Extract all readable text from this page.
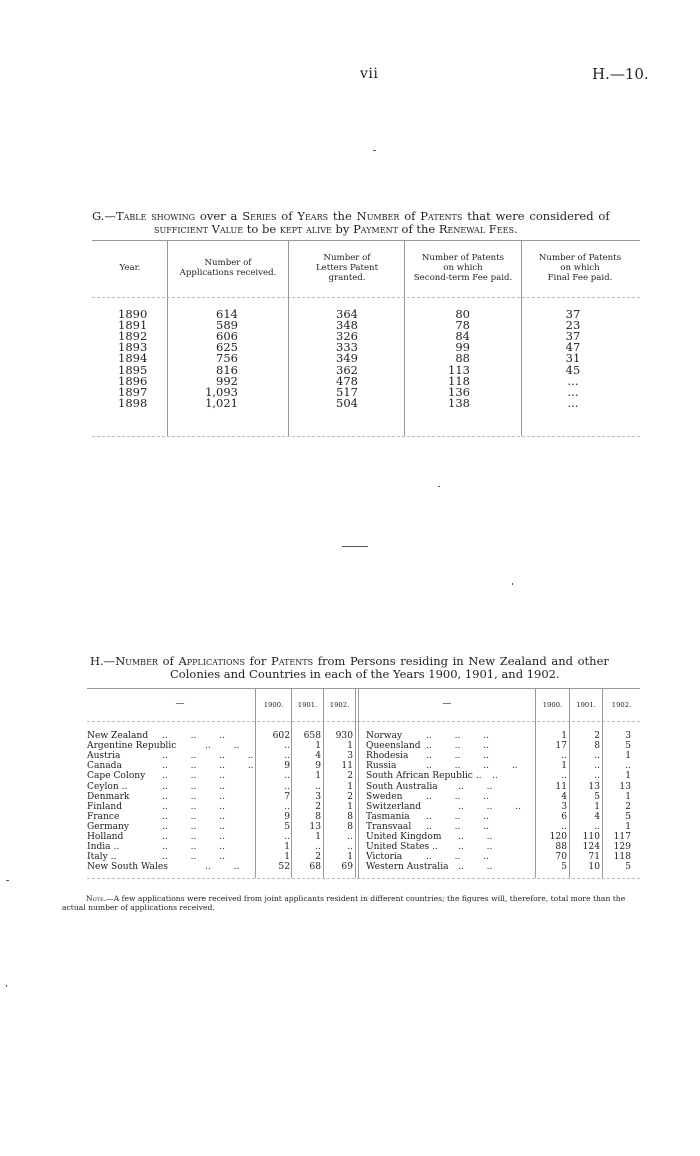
vii	H.—10.
G.—Table showing over a Series of Years the Number of Patents that were considered of
sufficient Value to be kept alive by Payment of the Renewal Fees.
Year.	Number of
Applications received.
Number of
Letters Patent
granted.
Number of Patents
on which
Second-term Fee paid.
Number of Patents
on which
Final Fee paid.
1890	614	364	80	37
1891	589	348	78	23
1892	606	326	84	37
1893	625	333	99	47
1894	756	349	88	31
1895	816	362	113	45
1896	992	478	118	...
1897	1,093	517	136	...
1898	1,021	504	138	...
H.—Number of Applications for Patents from Persons residing in New Zealand and other
Colonies and Countries in each of the Years 1900, 1901, and 1902.
—	1900.	1901.	1902.	—	1900.	1901.	1902.
New Zealand ..        ..        ..	602	658	930
Argentine Republic	..        ..	..	1	1
Austria	..        ..        ..        ..	..	4	3
Canada	..        ..        ..        ..	9	9	11
Cape Colony ..        ..        ..	..	1	2
Ceylon ..	..        ..        ..	..	..	1
Denmark	..        ..        ..	7	3	2
Finland	..        ..        ..	..	2	1
France	..        ..        ..	9	8	8
Germany	..        ..        ..	5	13	8
Holland	..        ..        ..	..	1	..
India ..	..        ..        ..	1	..	..
Italy ..	..        ..        ..	1	2	1
New South Wales	..        ..	52	68	69
Norway	..        ..        ..	1	2	3
Queensland ..        ..        ..	17	8	5
Rhodesia ..        ..        ..	..	..	1
Russia	..        ..        ..        ..	1	..	..
South African Republic .. ..	..	..	1
South Australia ..        ..	11	13	13
Sweden	..        ..        ..	4	5	1
Switzerland	..        ..        ..	3	1	2
Tasmania ..        ..        ..	6	4	5
Transvaal ..        ..        ..	..	..	1
United Kingdom ..        ..	120	110	117
United States .. ..        ..	88	124	129
Victoria	..        ..        ..	70	71	118
Western Australia ..        ..	5	10	5
Note.—A few applications were received from joint applicants resident in different countries; the figures will, therefore, total more than the actual number of applications received.
